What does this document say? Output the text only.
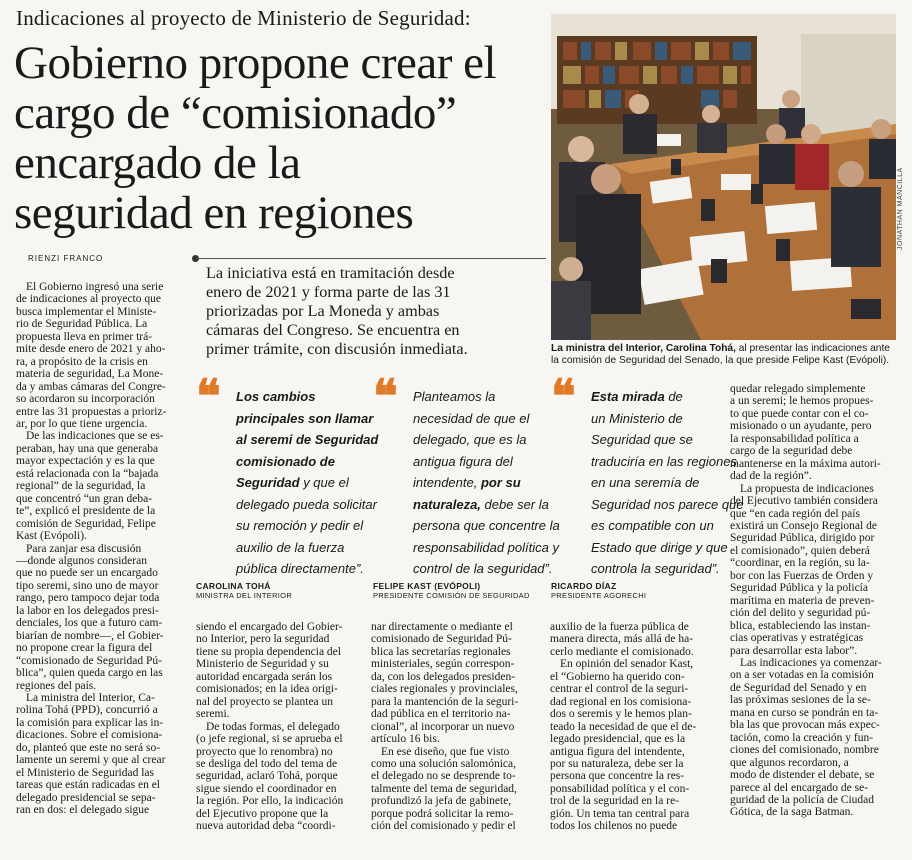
Indicaciones al proyecto de Ministerio de Seguridad:
Gobierno propone crear el
cargo de “comisionado”
encargado de la
seguridad en regiones
RIENZI FRANCO
La iniciativa está en tramitación desde
enero de 2021 y forma parte de las 31
priorizadas por La Moneda y ambas
cámaras del Congreso. Se encuentra en
primer trámite, con discusión inmediata.
JONATHAN MANCILLA
La ministra del Interior, Carolina Tohá, al presentar las indicaciones ante la comisión de Seguridad del Senado, la que preside Felipe Kast (Evópoli).
El Gobierno ingresó una serie
de indicaciones al proyecto que
busca implementar el Ministe-
rio de Seguridad Pública. La
propuesta lleva en primer trá-
mite desde enero de 2021 y aho-
ra, a propósito de la crisis en
materia de seguridad, La Mone-
da y ambas cámaras del Congre-
so acordaron su incorporación
entre las 31 propuestas a prioriz-
ar, por lo que tiene urgencia.
De las indicaciones que se es-
peraban, hay una que generaba
mayor expectación y es la que
está relacionada con la “bajada
regional” de la seguridad, la
que concentró “un gran deba-
te”, explicó el presidente de la
comisión de Seguridad, Felipe
Kast (Evópoli).
Para zanjar esa discusión
—donde algunos consideran
que no puede ser un encargado
tipo seremi, sino uno de mayor
rango, pero tampoco dejar toda
la labor en los delegados presi-
denciales, los que a futuro cam-
biarían de nombre—, el Gobier-
no propone crear la figura del
“comisionado de Seguridad Pú-
blica”, quien queda cargo en las
regiones del país.
La ministra del Interior, Ca-
rolina Tohá (PPD), concurrió a
la comisión para explicar las in-
dicaciones. Sobre el comisiona-
do, planteó que este no será so-
lamente un seremi y que al crear
el Ministerio de Seguridad las
tareas que están radicadas en el
delegado presidencial se sepa-
ran en dos: el delegado sigue
❝ Los cambios
principales son llamar
al seremi de Seguridad
comisionado de
Seguridad y que el
delegado pueda solicitar
su remoción y pedir el
auxilio de la fuerza
pública directamente”.
CAROLINA TOHÁ
MINISTRA DEL INTERIOR
❝ Planteamos la
necesidad de que el
delegado, que es la
antigua figura del
intendente, por su
naturaleza, debe ser la
persona que concentre la
responsabilidad política y
control de la seguridad”.
FELIPE KAST (EVÓPOLI)
PRESIDENTE COMISIÓN DE SEGURIDAD
❝ Esta mirada de
un Ministerio de
Seguridad que se
traduciría en las regiones
en una seremía de
Seguridad nos parece que
es compatible con un
Estado que dirige y que
controla la seguridad”.
RICARDO DÍAZ
PRESIDENTE AGORECHI
siendo el encargado del Gobier-
no Interior, pero la seguridad
tiene su propia dependencia del
Ministerio de Seguridad y su
autoridad encargada serán los
comisionados; en la idea origi-
nal del proyecto se plantea un
seremi.
De todas formas, el delegado
(o jefe regional, si se aprueba el
proyecto que lo renombra) no
se desliga del todo del tema de
seguridad, aclaró Tohá, porque
sigue siendo el coordinador en
la región. Por ello, la indicación
del Ejecutivo propone que la
nueva autoridad deba “coordi-
nar directamente o mediante el
comisionado de Seguridad Pú-
blica las secretarías regionales
ministeriales, según correspon-
da, con los delegados presiden-
ciales regionales y provinciales,
para la mantención de la seguri-
dad pública en el territorio na-
cional”, al incorporar un nuevo
artículo 16 bis.
En ese diseño, que fue visto
como una solución salomónica,
el delegado no se desprende to-
talmente del tema de seguridad,
profundizó la jefa de gabinete,
porque podrá solicitar la remo-
ción del comisionado y pedir el
auxilio de la fuerza pública de
manera directa, más allá de ha-
cerlo mediante el comisionado.
En opinión del senador Kast,
el “Gobierno ha querido con-
centrar el control de la seguri-
dad regional en los comisiona-
dos o seremis y le hemos plan-
teado la necesidad de que el de-
legado presidencial, que es la
antigua figura del intendente,
por su naturaleza, debe ser la
persona que concentre la res-
ponsabilidad política y el con-
trol de la seguridad en la re-
gión. Un tema tan central para
todos los chilenos no puede
quedar relegado simplemente
a un seremi; le hemos propues-
to que puede contar con el co-
misionado o un ayudante, pero
la responsabilidad política a
cargo de la seguridad debe
mantenerse en la máxima autori-
dad de la región”.
La propuesta de indicaciones
del Ejecutivo también considera
que “en cada región del país
existirá un Consejo Regional de
Seguridad Pública, dirigido por
el comisionado”, quien deberá
“coordinar, en la región, su la-
bor con las Fuerzas de Orden y
Seguridad Pública y la policía
marítima en materia de preven-
ción del delito y seguridad pú-
blica, estableciendo las instan-
cias operativas y estratégicas
para desarrollar esta labor”.
Las indicaciones ya comenzar-
on a ser votadas en la comisión
de Seguridad del Senado y en
las próximas sesiones de la se-
mana en curso se pondrán en ta-
bla las que provocan más expec-
tación, como la creación y fun-
ciones del comisionado, nombre
que algunos recordaron, a
modo de distender el debate, se
parece al del encargado de se-
guridad de la policía de Ciudad
Gótica, de la saga Batman.
